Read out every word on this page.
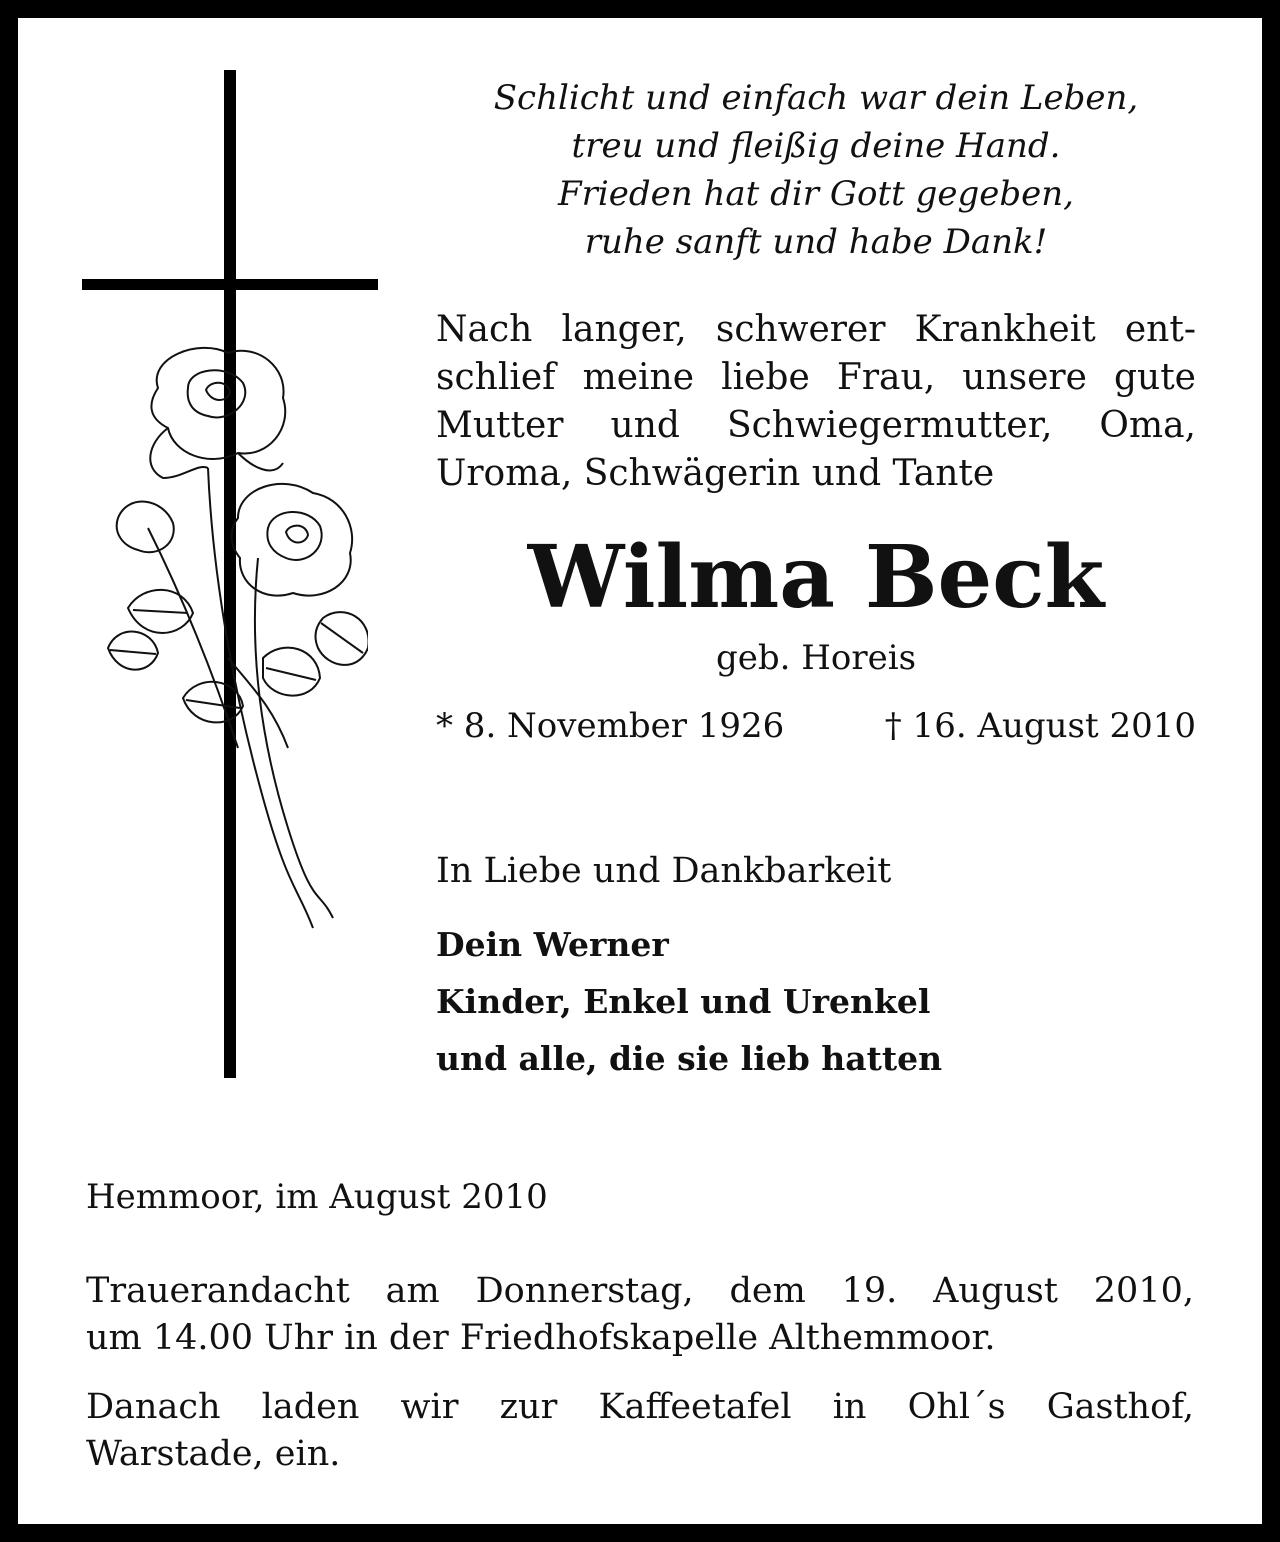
Schlicht und einfach war dein Leben,
treu und fleißig deine Hand.
Frieden hat dir Gott gegeben,
ruhe sanft und habe Dank!
Nach langer, schwerer Krankheit ent-
schlief meine liebe Frau, unsere gute
Mutter und Schwiegermutter, Oma,
Uroma, Schwägerin und Tante
Wilma Beck
geb. Horeis
* 8. November 1926	† 16. August 2010
In Liebe und Dankbarkeit
Dein Werner
Kinder, Enkel und Urenkel
und alle, die sie lieb hatten
Hemmoor, im August 2010
Trauerandacht am Donnerstag, dem 19. August 2010,
um 14.00 Uhr in der Friedhofskapelle Althemmoor.
Danach laden wir zur Kaffeetafel in Ohl´s Gasthof,
Warstade, ein.
